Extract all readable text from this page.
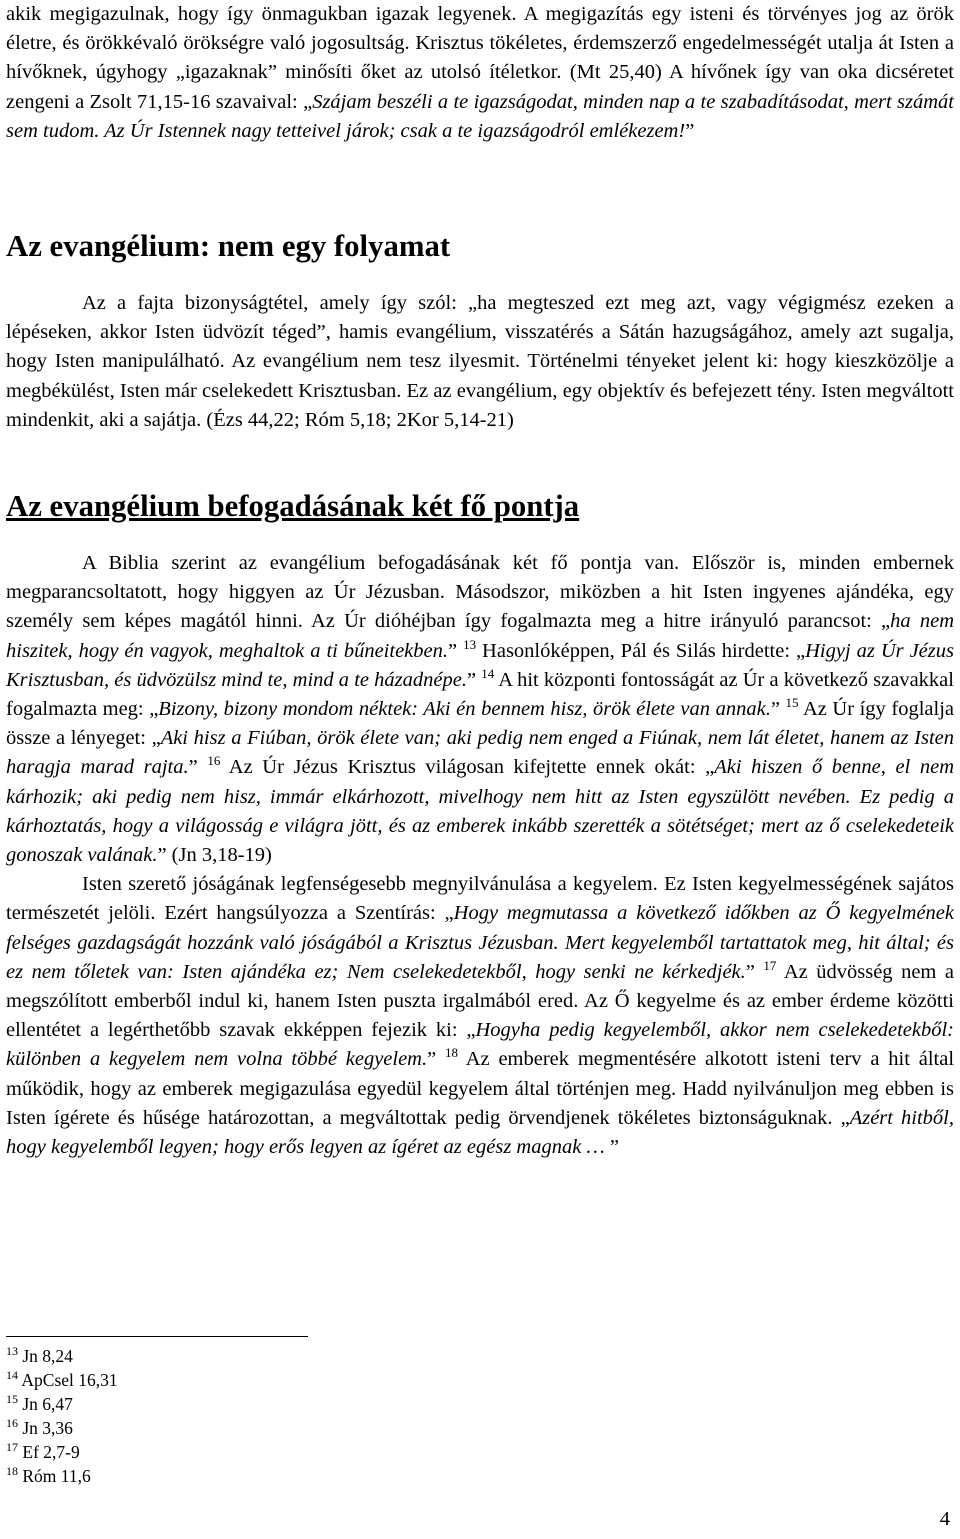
akik megigazulnak, hogy így önmagukban igazak legyenek. A megigazítás egy isteni és törvényes jog az örök életre, és örökkévaló örökségre való jogosultság. Krisztus tökéletes, érdemszerző engedelmességét utalja át Isten a hívőknek, úgyhogy „igazaknak” minősíti őket az utolsó ítéletkor. (Mt 25,40) A hívőnek így van oka dicséretet zengeni a Zsolt 71,15-16 szavaival: „Szájam beszéli a te igazságodat, minden nap a te szabadításodat, mert számát sem tudom. Az Úr Istennek nagy tetteivel járok; csak a te igazságodról emlékezem!”

Az evangélium: nem egy folyamat

Az a fajta bizonyságtétel, amely így szól: „ha megteszed ezt meg azt, vagy végigmész ezeken a lépéseken, akkor Isten üdvözít téged”, hamis evangélium, visszatérés a Sátán hazugságához, amely azt sugalja, hogy Isten manipulálható. Az evangélium nem tesz ilyesmit. Történelmi tényeket jelent ki: hogy kieszközölje a megbékülést, Isten már cselekedett Krisztusban. Ez az evangélium, egy objektív és befejezett tény. Isten megváltott mindenkit, aki a sajátja. (Ézs 44,22; Róm 5,18; 2Kor 5,14-21)

Az evangélium befogadásának két fő pontja

A Biblia szerint az evangélium befogadásának két fő pontja van. Először is, minden embernek megparancsoltatott, hogy higgyen az Úr Jézusban. Másodszor, miközben a hit Isten ingyenes ajándéka, egy személy sem képes magától hinni. Az Úr dióhéjban így fogalmazta meg a hitre irányuló parancsot: „ha nem hiszitek, hogy én vagyok, meghaltok a ti bűneitekben.” $^{13}$ Hasonlóképpen, Pál és Silás hirdette: „Higyj az Úr Jézus Krisztusban, és üdvözülsz mind te, mind a te házadnépe.” $^{14}$ A hit központi fontosságát az Úr a következő szavakkal fogalmazta meg: „Bizony, bizony mondom néktek: Aki én bennem hisz, örök élete van annak.” $^{15}$ Az Úr így foglalja össze a lényeget: „Aki hisz a Fiúban, örök élete van; aki pedig nem enged a Fiúnak, nem lát életet, hanem az Isten haragja marad rajta.” $^{16}$ Az Úr Jézus Krisztus világosan kifejtette ennek okát: „Aki hiszen ő benne, el nem kárhozik; aki pedig nem hisz, immár elkárhozott, mivelhogy nem hitt az Isten egyszülött nevében. Ez pedig a kárhoztatás, hogy a világosság e világra jött, és az emberek inkább szerették a sötétséget; mert az ő cselekedeteik gonoszak valának.” (Jn 3,18-19)

Isten szerető jóságának legfenségesebb megnyilvánulása a kegyelem. Ez Isten kegyelmességének sajátos természetét jelöli. Ezért hangsúlyozza a Szentírás: „Hogy megmutassa a következő időkben az Ő kegyelmének felséges gazdagságát hozzánk való jóságából a Krisztus Jézusban. Mert kegyelemből tartattatok meg, hit által; és ez nem tőletek van: Isten ajándéka ez; Nem cselekedetekből, hogy senki ne kérkedjék.” $^{17}$ Az üdvösség nem a megszólított emberből indul ki, hanem Isten puszta irgalmából ered. Az Ő kegyelme és az ember érdeme közötti ellentétet a legérthetőbb szavak ekképpen fejezik ki: „Hogyha pedig kegyelemből, akkor nem cselekedetekből: különben a kegyelem nem volna többé kegyelem.” $^{18}$ Az emberek megmentésére alkotott isteni terv a hit által működik, hogy az emberek megigazulása egyedül kegyelem által történjen meg. Hadd nyilvánuljon meg ebben is Isten ígérete és hűsége határozottan, a megváltottak pedig örvendjenek tökéletes biztonságuknak. „Azért hitből, hogy kegyelemből legyen; hogy erős legyen az ígéret az egész magnak … ”

$^{13}$ Jn 8,24
$^{14}$ ApCsel 16,31
$^{15}$ Jn 6,47
$^{16}$ Jn 3,36
$^{17}$ Ef 2,7-9
$^{18}$ Róm 11,6
4
